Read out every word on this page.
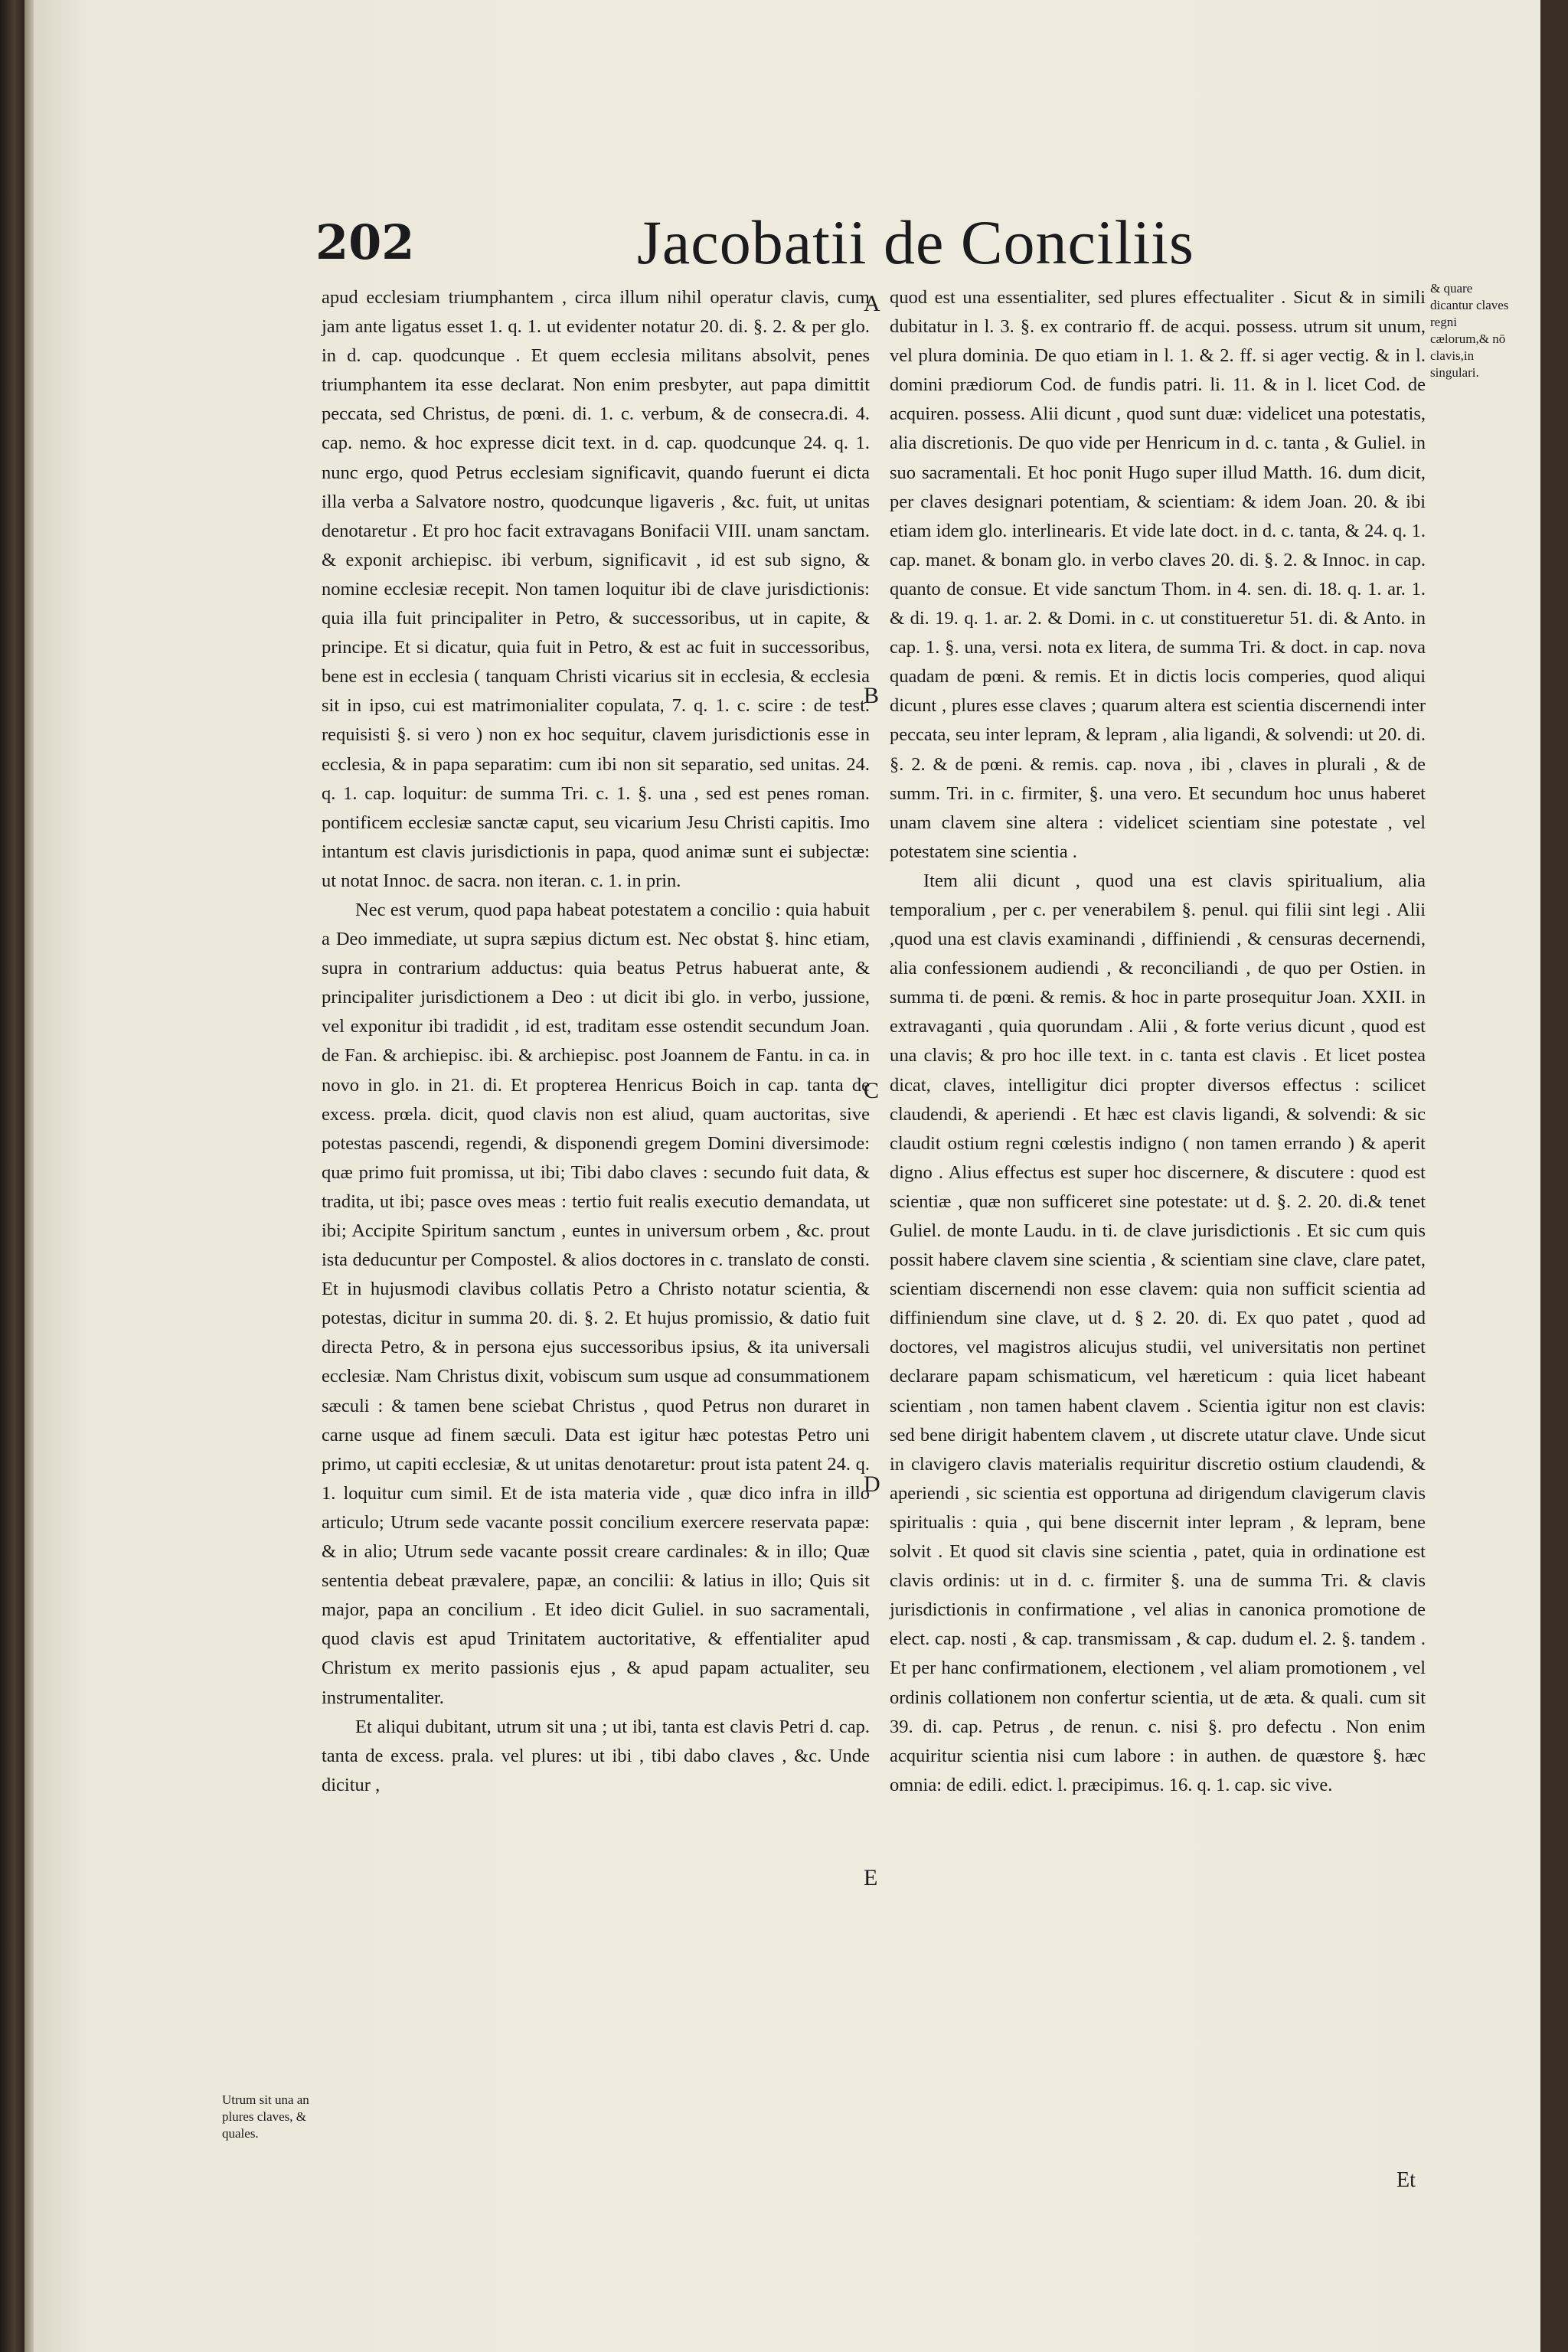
202	Jacobatii de Conciliis

apud ecclesiam triumphantem , circa illum nihil operatur clavis, cum jam ante ligatus esset 1. q. 1. ut evidenter notatur 20. di. §. 2. & per glo. in d. cap. quodcunque . Et quem ecclesia militans absolvit, penes triumphantem ita esse declarat. Non enim presbyter, aut papa dimittit peccata, sed Christus, de pœni. di. 1. c. verbum, & de consecra.di. 4. cap. nemo. & hoc expresse dicit text. in d. cap. quodcunque 24. q. 1. nunc ergo, quod Petrus ecclesiam significavit, quando fuerunt ei dicta illa verba a Salvatore nostro, quodcunque ligaveris , &c. fuit, ut unitas denotaretur . Et pro hoc facit extravagans Bonifacii VIII. unam sanctam. & exponit archiepisc. ibi verbum, significavit , id est sub signo, & nomine ecclesiæ recepit. Non tamen loquitur ibi de clave jurisdictionis: quia illa fuit principaliter in Petro, & successoribus, ut in capite, & principe. Et si dicatur, quia fuit in Petro, & est ac fuit in successoribus, bene est in ecclesia ( tanquam Christi vicarius sit in ecclesia, & ecclesia sit in ipso, cui est matrimonialiter copulata, 7. q. 1. c. scire : de test. requisisti §. si vero ) non ex hoc sequitur, clavem jurisdictionis esse in ecclesia, & in papa separatim: cum ibi non sit separatio, sed unitas. 24. q. 1. cap. loquitur: de summa Tri. c. 1. §. una , sed est penes roman. pontificem ecclesiæ sanctæ caput, seu vicarium Jesu Christi capitis. Imo intantum est clavis jurisdictionis in papa, quod animæ sunt ei subjectæ: ut notat Innoc. de sacra. non iteran. c. 1. in prin.

Nec est verum, quod papa habeat potestatem a concilio : quia habuit a Deo immediate, ut supra sæpius dictum est. Nec obstat §. hinc etiam, supra in contrarium adductus: quia beatus Petrus habuerat ante, & principaliter jurisdictionem a Deo : ut dicit ibi glo. in verbo, jussione, vel exponitur ibi tradidit , id est, traditam esse ostendit secundum Joan. de Fan. & archiepisc. ibi. & archiepisc. post Joannem de Fantu. in ca. in novo in glo. in 21. di. Et propterea Henricus Boich in cap. tanta de excess. prœla. dicit, quod clavis non est aliud, quam auctoritas, sive potestas pascendi, regendi, & disponendi gregem Domini diversimode: quæ primo fuit promissa, ut ibi; Tibi dabo claves : secundo fuit data, & tradita, ut ibi; pasce oves meas : tertio fuit realis executio demandata, ut ibi; Accipite Spiritum sanctum , euntes in universum orbem , &c. prout ista deducuntur per Compostel. & alios doctores in c. translato de consti. Et in hujusmodi clavibus collatis Petro a Christo notatur scientia, & potestas, dicitur in summa 20. di. §. 2. Et hujus promissio, & datio fuit directa Petro, & in persona ejus successoribus ipsius, & ita universali ecclesiæ. Nam Christus dixit, vobiscum sum usque ad consummationem sæculi : & tamen bene sciebat Christus , quod Petrus non duraret in carne usque ad finem sæculi. Data est igitur hæc potestas Petro uni primo, ut capiti ecclesiæ, & ut unitas denotaretur: prout ista patent 24. q. 1. loquitur cum simil. Et de ista materia vide , quæ dico infra in illo articulo; Utrum sede vacante possit concilium exercere reservata papæ: & in alio; Utrum sede vacante possit creare cardinales: & in illo; Quæ sententia debeat prævalere, papæ, an concilii: & latius in illo; Quis sit major, papa an concilium . Et ideo dicit Guliel. in suo sacramentali, quod clavis est apud Trinitatem auctoritative, & effentialiter apud Christum ex merito passionis ejus , & apud papam actualiter, seu instrumentaliter.

Et aliqui dubitant, utrum sit una ; ut ibi, tanta est clavis Petri d. cap. tanta de excess. prala. vel plures: ut ibi , tibi dabo claves , &c. Unde dicitur ,

quod est una essentialiter, sed plures effectualiter . Sicut & in simili dubitatur in l. 3. §. ex contrario ff. de acqui. possess. utrum sit unum, vel plura dominia. De quo etiam in l. 1. & 2. ff. si ager vectig. & in l. domini prædiorum Cod. de fundis patri. li. 11. & in l. licet Cod. de acquiren. possess. Alii dicunt , quod sunt duæ: videlicet una potestatis, alia discretionis. De quo vide per Henricum in d. c. tanta , & Guliel. in suo sacramentali. Et hoc ponit Hugo super illud Matth. 16. dum dicit, per claves designari potentiam, & scientiam: & idem Joan. 20. & ibi etiam idem glo. interlinearis. Et vide late doct. in d. c. tanta, & 24. q. 1. cap. manet. & bonam glo. in verbo claves 20. di. §. 2. & Innoc. in cap. quanto de consue. Et vide sanctum Thom. in 4. sen. di. 18. q. 1. ar. 1. & di. 19. q. 1. ar. 2. & Domi. in c. ut constitueretur 51. di. & Anto. in cap. 1. §. una, versi. nota ex litera, de summa Tri. & doct. in cap. nova quadam de pœni. & remis. Et in dictis locis comperies, quod aliqui dicunt , plures esse claves ; quarum altera est scientia discernendi inter peccata, seu inter lepram, & lepram , alia ligandi, & solvendi: ut 20. di. §. 2. & de pœni. & remis. cap. nova , ibi , claves in plurali , & de summ. Tri. in c. firmiter, §. una vero. Et secundum hoc unus haberet unam clavem sine altera : videlicet scientiam sine potestate , vel potestatem sine scientia .

Item alii dicunt , quod una est clavis spiritualium, alia temporalium , per c. per venerabilem §. penul. qui filii sint legi . Alii ,quod una est clavis examinandi , diffiniendi , & censuras decernendi, alia confessionem audiendi , & reconciliandi , de quo per Ostien. in summa ti. de pœni. & remis. & hoc in parte prosequitur Joan. XXII. in extravaganti , quia quorundam . Alii , & forte verius dicunt , quod est una clavis; & pro hoc ille text. in c. tanta est clavis . Et licet postea dicat, claves, intelligitur dici propter diversos effectus : scilicet claudendi, & aperiendi . Et hæc est clavis ligandi, & solvendi: & sic claudit ostium regni cœlestis indigno ( non tamen errando ) & aperit digno . Alius effectus est super hoc discernere, & discutere : quod est scientiæ , quæ non sufficeret sine potestate: ut d. §. 2. 20. di.& tenet Guliel. de monte Laudu. in ti. de clave jurisdictionis . Et sic cum quis possit habere clavem sine scientia , & scientiam sine clave, clare patet, scientiam discernendi non esse clavem: quia non sufficit scientia ad diffiniendum sine clave, ut d. § 2. 20. di. Ex quo patet , quod ad doctores, vel magistros alicujus studii, vel universitatis non pertinet declarare papam schismaticum, vel hæreticum : quia licet habeant scientiam , non tamen habent clavem . Scientia igitur non est clavis: sed bene dirigit habentem clavem , ut discrete utatur clave. Unde sicut in clavigero clavis materialis requiritur discretio ostium claudendi, & aperiendi , sic scientia est opportuna ad dirigendum clavigerum clavis spiritualis : quia , qui bene discernit inter lepram , & lepram, bene solvit . Et quod sit clavis sine scientia , patet, quia in ordinatione est clavis ordinis: ut in d. c. firmiter §. una de summa Tri. & clavis jurisdictionis in confirmatione , vel alias in canonica promotione de elect. cap. nosti , & cap. transmissam , & cap. dudum el. 2. §. tandem . Et per hanc confirmationem, electionem , vel aliam promotionem , vel ordinis collationem non confertur scientia, ut de æta. & quali. cum sit 39. di. cap. Petrus , de renun. c. nisi §. pro defectu . Non enim acquiritur scientia nisi cum labore : in authen. de quæstore §. hæc omnia: de edili. edict. l. præcipimus. 16. q. 1. cap. sic vive.

A
B
C
D
E
& quare dicantur claves regni cælorum,& nō clavis,in singulari.
Utrum sit una an plures claves, & quales.
Et
